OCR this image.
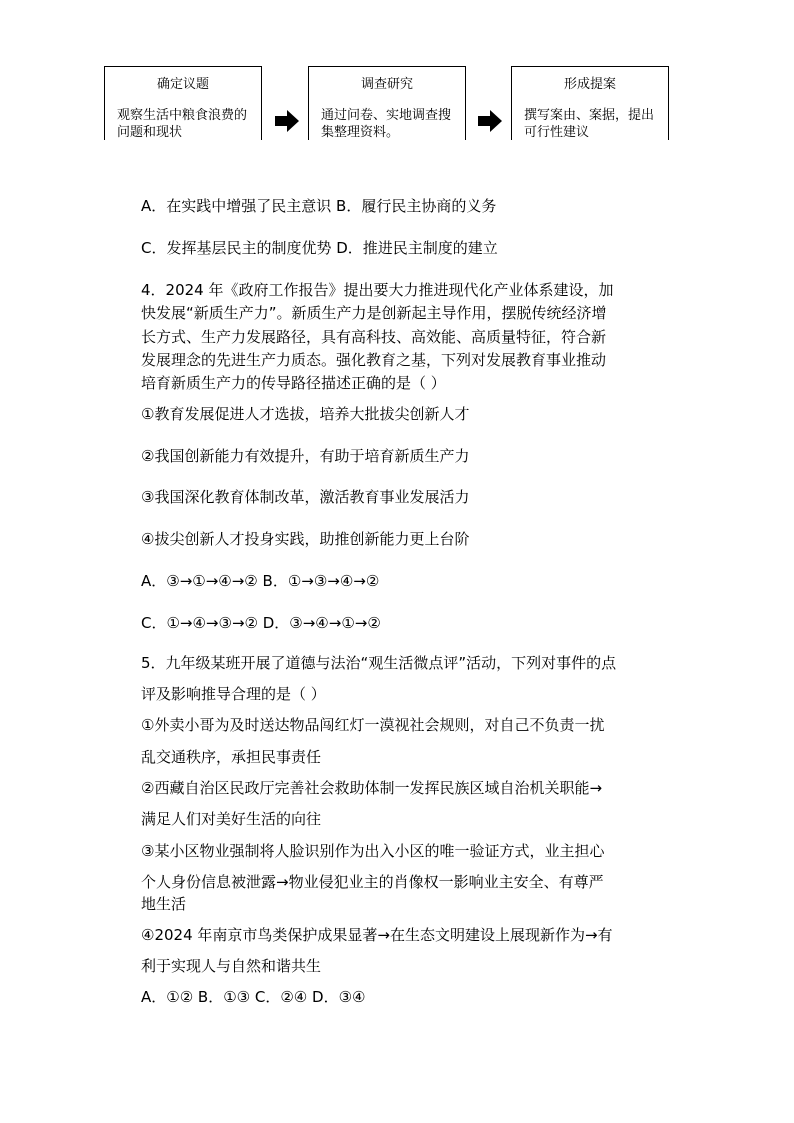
确定议题
观察生活中粮食浪费的
问题和现状
调查研究
通过问卷、实地调查搜
集整理资料。
形成提案
撰写案由、案据，提出
可行性建议
A．在实践中增强了民主意识 B．履行民主协商的义务
C．发挥基层民主的制度优势 D．推进民主制度的建立
4．2024 年《政府工作报告》提出要大力推进现代化产业体系建设，加
快发展“新质生产力”。新质生产力是创新起主导作用，摆脱传统经济增
长方式、生产力发展路径，具有高科技、高效能、高质量特征，符合新
发展理念的先进生产力质态。强化教育之基，下列对发展教育事业推动
培育新质生产力的传导路径描述正确的是（ ）
①教育发展促进人才选拔，培养大批拔尖创新人才
②我国创新能力有效提升，有助于培育新质生产力
③我国深化教育体制改革，激活教育事业发展活力
④拔尖创新人才投身实践，助推创新能力更上台阶
A．③→①→④→② B．①→③→④→②
C．①→④→③→② D．③→④→①→②
5．九年级某班开展了道德与法治“观生活微点评”活动，下列对事件的点
评及影响推导合理的是（ ）
①外卖小哥为及时送达物品闯红灯一漠视社会规则，对自己不负责一扰
乱交通秩序，承担民事责任
②西藏自治区民政厅完善社会救助体制一发挥民族区域自治机关职能→
满足人们对美好生活的向往
③某小区物业强制将人脸识别作为出入小区的唯一验证方式，业主担心
个人身份信息被泄露→物业侵犯业主的肖像权一影响业主安全、有尊严
地生活
④2024 年南京市鸟类保护成果显著→在生态文明建设上展现新作为→有
利于实现人与自然和谐共生
A．①② B．①③ C．②④ D．③④
